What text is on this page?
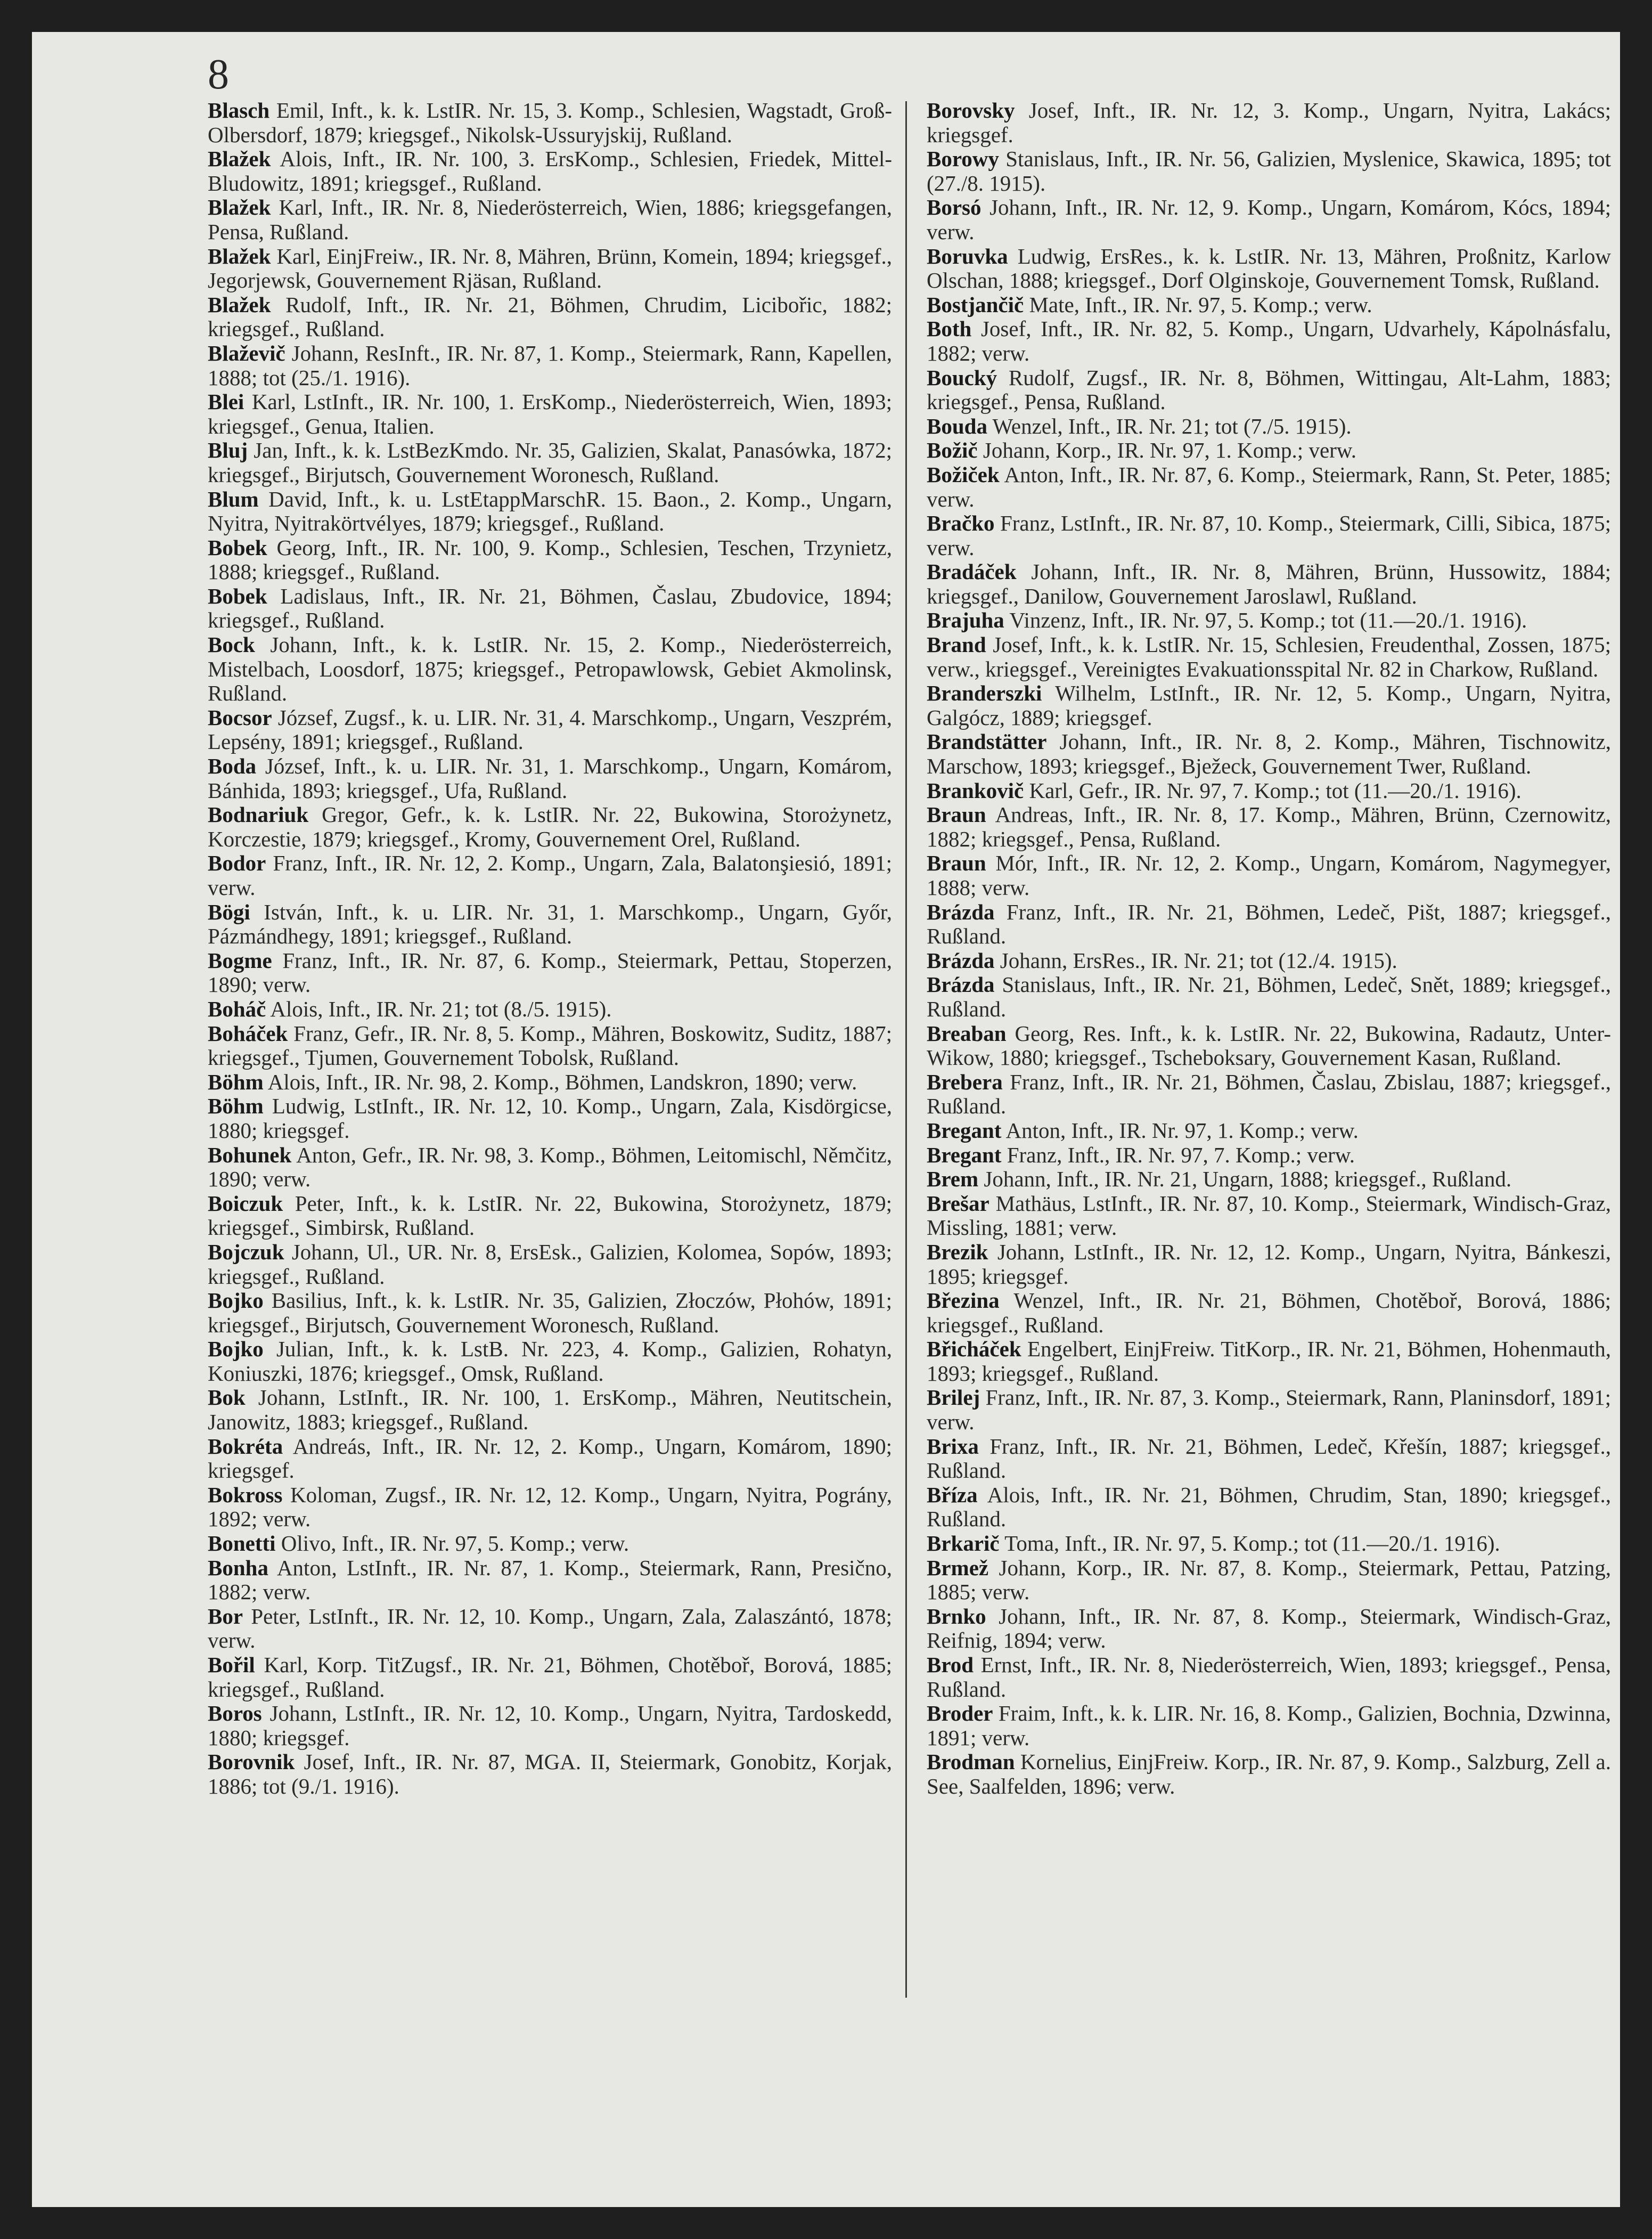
8

Blasch Emil, Inft., k. k. LstIR. Nr. 15, 3. Komp., Schlesien, Wagstadt, Groß-Olbersdorf, 1879; kriegsgef., Nikolsk-Ussuryjskij, Rußland.

Blažek Alois, Inft., IR. Nr. 100, 3. ErsKomp., Schlesien, Friedek, Mittel-Bludowitz, 1891; kriegsgef., Rußland.

Blažek Karl, Inft., IR. Nr. 8, Niederösterreich, Wien, 1886; kriegsgefangen, Pensa, Rußland.

Blažek Karl, EinjFreiw., IR. Nr. 8, Mähren, Brünn, Komein, 1894; kriegsgef., Jegorjewsk, Gouvernement Rjäsan, Rußland.

Blažek Rudolf, Inft., IR. Nr. 21, Böhmen, Chrudim, Licibořic, 1882; kriegsgef., Rußland.

Blaževič Johann, ResInft., IR. Nr. 87, 1. Komp., Steiermark, Rann, Kapellen, 1888; tot (25./1. 1916).

Blei Karl, LstInft., IR. Nr. 100, 1. ErsKomp., Niederösterreich, Wien, 1893; kriegsgef., Genua, Italien.

Bluj Jan, Inft., k. k. LstBezKmdo. Nr. 35, Galizien, Skalat, Panasówka, 1872; kriegsgef., Birjutsch, Gouvernement Woronesch, Rußland.

Blum David, Inft., k. u. LstEtappMarschR. 15. Baon., 2. Komp., Ungarn, Nyitra, Nyitrakörtvélyes, 1879; kriegsgef., Rußland.

Bobek Georg, Inft., IR. Nr. 100, 9. Komp., Schlesien, Teschen, Trzynietz, 1888; kriegsgef., Rußland.

Bobek Ladislaus, Inft., IR. Nr. 21, Böhmen, Časlau, Zbudovice, 1894; kriegsgef., Rußland.

Bock Johann, Inft., k. k. LstIR. Nr. 15, 2. Komp., Niederösterreich, Mistelbach, Loosdorf, 1875; kriegsgef., Petropawlowsk, Gebiet Akmolinsk, Rußland.

Bocsor József, Zugsf., k. u. LIR. Nr. 31, 4. Marschkomp., Ungarn, Veszprém, Lepsény, 1891; kriegsgef., Rußland.

Boda József, Inft., k. u. LIR. Nr. 31, 1. Marschkomp., Ungarn, Komárom, Bánhida, 1893; kriegsgef., Ufa, Rußland.

Bodnariuk Gregor, Gefr., k. k. LstIR. Nr. 22, Bukowina, Storożynetz, Korczestie, 1879; kriegsgef., Kromy, Gouvernement Orel, Rußland.

Bodor Franz, Inft., IR. Nr. 12, 2. Komp., Ungarn, Zala, Balatonşiesió, 1891; verw.

Bögi István, Inft., k. u. LIR. Nr. 31, 1. Marschkomp., Ungarn, Győr, Pázmándhegy, 1891; kriegsgef., Rußland.

Bogme Franz, Inft., IR. Nr. 87, 6. Komp., Steiermark, Pettau, Stoperzen, 1890; verw.

Boháč Alois, Inft., IR. Nr. 21; tot (8./5. 1915).

Boháček Franz, Gefr., IR. Nr. 8, 5. Komp., Mähren, Boskowitz, Suditz, 1887; kriegsgef., Tjumen, Gouvernement Tobolsk, Rußland.

Böhm Alois, Inft., IR. Nr. 98, 2. Komp., Böhmen, Landskron, 1890; verw.

Böhm Ludwig, LstInft., IR. Nr. 12, 10. Komp., Ungarn, Zala, Kisdörgicse, 1880; kriegsgef.

Bohunek Anton, Gefr., IR. Nr. 98, 3. Komp., Böhmen, Leitomischl, Němčitz, 1890; verw.

Boiczuk Peter, Inft., k. k. LstIR. Nr. 22, Bukowina, Storożynetz, 1879; kriegsgef., Simbirsk, Rußland.

Bojczuk Johann, Ul., UR. Nr. 8, ErsEsk., Galizien, Kolomea, Sopów, 1893; kriegsgef., Rußland.

Bojko Basilius, Inft., k. k. LstIR. Nr. 35, Galizien, Złoczów, Płohów, 1891; kriegsgef., Birjutsch, Gouvernement Woronesch, Rußland.

Bojko Julian, Inft., k. k. LstB. Nr. 223, 4. Komp., Galizien, Rohatyn, Koniuszki, 1876; kriegsgef., Omsk, Rußland.

Bok Johann, LstInft., IR. Nr. 100, 1. ErsKomp., Mähren, Neutitschein, Janowitz, 1883; kriegsgef., Rußland.

Bokréta Andreás, Inft., IR. Nr. 12, 2. Komp., Ungarn, Komárom, 1890; kriegsgef.

Bokross Koloman, Zugsf., IR. Nr. 12, 12. Komp., Ungarn, Nyitra, Pográny, 1892; verw.

Bonetti Olivo, Inft., IR. Nr. 97, 5. Komp.; verw.

Bonha Anton, LstInft., IR. Nr. 87, 1. Komp., Steiermark, Rann, Presično, 1882; verw.

Bor Peter, LstInft., IR. Nr. 12, 10. Komp., Ungarn, Zala, Zalaszántó, 1878; verw.

Bořil Karl, Korp. TitZugsf., IR. Nr. 21, Böhmen, Chotěboř, Borová, 1885; kriegsgef., Rußland.

Boros Johann, LstInft., IR. Nr. 12, 10. Komp., Ungarn, Nyitra, Tardoskedd, 1880; kriegsgef.

Borovnik Josef, Inft., IR. Nr. 87, MGA. II, Steiermark, Gonobitz, Korjak, 1886; tot (9./1. 1916).

Borovsky Josef, Inft., IR. Nr. 12, 3. Komp., Ungarn, Nyitra, Lakács; kriegsgef.

Borowy Stanislaus, Inft., IR. Nr. 56, Galizien, Myslenice, Skawica, 1895; tot (27./8. 1915).

Borsó Johann, Inft., IR. Nr. 12, 9. Komp., Ungarn, Komárom, Kócs, 1894; verw.

Boruvka Ludwig, ErsRes., k. k. LstIR. Nr. 13, Mähren, Proßnitz, Karlow Olschan, 1888; kriegsgef., Dorf Olginskoje, Gouvernement Tomsk, Rußland.

Bostjančič Mate, Inft., IR. Nr. 97, 5. Komp.; verw.

Both Josef, Inft., IR. Nr. 82, 5. Komp., Ungarn, Udvarhely, Kápolnásfalu, 1882; verw.

Boucký Rudolf, Zugsf., IR. Nr. 8, Böhmen, Wittingau, Alt-Lahm, 1883; kriegsgef., Pensa, Rußland.

Bouda Wenzel, Inft., IR. Nr. 21; tot (7./5. 1915).

Božič Johann, Korp., IR. Nr. 97, 1. Komp.; verw.

Božiček Anton, Inft., IR. Nr. 87, 6. Komp., Steiermark, Rann, St. Peter, 1885; verw.

Bračko Franz, LstInft., IR. Nr. 87, 10. Komp., Steiermark, Cilli, Sibica, 1875; verw.

Bradáček Johann, Inft., IR. Nr. 8, Mähren, Brünn, Hussowitz, 1884; kriegsgef., Danilow, Gouvernement Jaroslawl, Rußland.

Brajuha Vinzenz, Inft., IR. Nr. 97, 5. Komp.; tot (11.—20./1. 1916).

Brand Josef, Inft., k. k. LstIR. Nr. 15, Schlesien, Freudenthal, Zossen, 1875; verw., kriegsgef., Vereinigtes Evakuationsspital Nr. 82 in Charkow, Rußland.

Branderszki Wilhelm, LstInft., IR. Nr. 12, 5. Komp., Ungarn, Nyitra, Galgócz, 1889; kriegsgef.

Brandstätter Johann, Inft., IR. Nr. 8, 2. Komp., Mähren, Tischnowitz, Marschow, 1893; kriegsgef., Bježeck, Gouvernement Twer, Rußland.

Brankovič Karl, Gefr., IR. Nr. 97, 7. Komp.; tot (11.—20./1. 1916).

Braun Andreas, Inft., IR. Nr. 8, 17. Komp., Mähren, Brünn, Czernowitz, 1882; kriegsgef., Pensa, Rußland.

Braun Mór, Inft., IR. Nr. 12, 2. Komp., Ungarn, Komárom, Nagymegyer, 1888; verw.

Brázda Franz, Inft., IR. Nr. 21, Böhmen, Ledeč, Pišt, 1887; kriegsgef., Rußland.

Brázda Johann, ErsRes., IR. Nr. 21; tot (12./4. 1915).

Brázda Stanislaus, Inft., IR. Nr. 21, Böhmen, Ledeč, Snět, 1889; kriegsgef., Rußland.

Breaban Georg, Res. Inft., k. k. LstIR. Nr. 22, Bukowina, Radautz, Unter-Wikow, 1880; kriegsgef., Tscheboksary, Gouvernement Kasan, Rußland.

Brebera Franz, Inft., IR. Nr. 21, Böhmen, Časlau, Zbislau, 1887; kriegsgef., Rußland.

Bregant Anton, Inft., IR. Nr. 97, 1. Komp.; verw.

Bregant Franz, Inft., IR. Nr. 97, 7. Komp.; verw.

Brem Johann, Inft., IR. Nr. 21, Ungarn, 1888; kriegsgef., Rußland.

Brešar Mathäus, LstInft., IR. Nr. 87, 10. Komp., Steiermark, Windisch-Graz, Missling, 1881; verw.

Brezik Johann, LstInft., IR. Nr. 12, 12. Komp., Ungarn, Nyitra, Bánkeszi, 1895; kriegsgef.

Březina Wenzel, Inft., IR. Nr. 21, Böhmen, Chotěboř, Borová, 1886; kriegsgef., Rußland.

Břicháček Engelbert, EinjFreiw. TitKorp., IR. Nr. 21, Böhmen, Hohenmauth, 1893; kriegsgef., Rußland.

Brilej Franz, Inft., IR. Nr. 87, 3. Komp., Steiermark, Rann, Planinsdorf, 1891; verw.

Brixa Franz, Inft., IR. Nr. 21, Böhmen, Ledeč, Křešín, 1887; kriegsgef., Rußland.

Bříza Alois, Inft., IR. Nr. 21, Böhmen, Chrudim, Stan, 1890; kriegsgef., Rußland.

Brkarič Toma, Inft., IR. Nr. 97, 5. Komp.; tot (11.—20./1. 1916).

Brmež Johann, Korp., IR. Nr. 87, 8. Komp., Steiermark, Pettau, Patzing, 1885; verw.

Brnko Johann, Inft., IR. Nr. 87, 8. Komp., Steiermark, Windisch-Graz, Reifnig, 1894; verw.

Brod Ernst, Inft., IR. Nr. 8, Niederösterreich, Wien, 1893; kriegsgef., Pensa, Rußland.

Broder Fraim, Inft., k. k. LIR. Nr. 16, 8. Komp., Galizien, Bochnia, Dzwinna, 1891; verw.

Brodman Kornelius, EinjFreiw. Korp., IR. Nr. 87, 9. Komp., Salzburg, Zell a. See, Saalfelden, 1896; verw.
